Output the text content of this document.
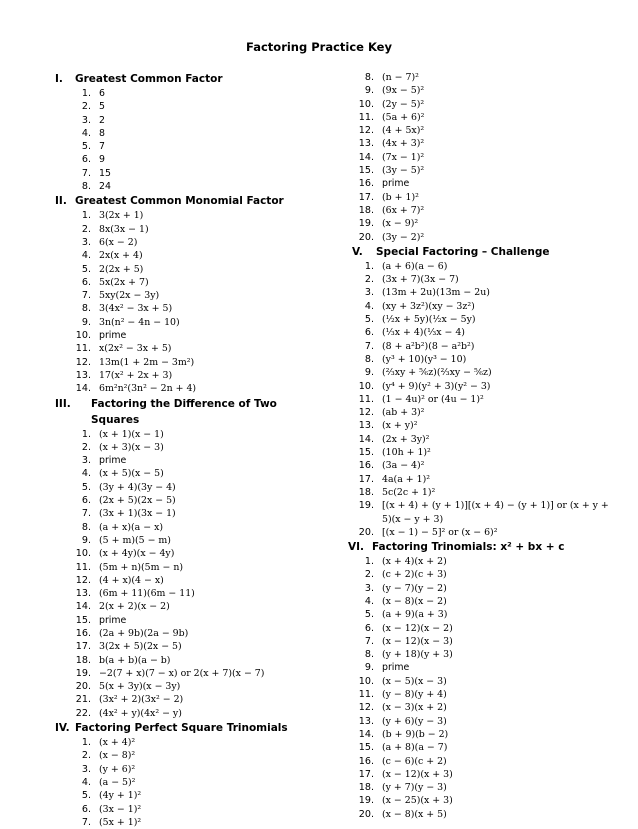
Factoring Practice Key
I.	Greatest Common Factor
1. 6
2. 5
3. 2
4. 8
5. 7
6. 9
7. 15
8. 24
II. Greatest Common Monomial Factor
1. 3(2x + 1)
2. 8x(3x − 1)
3. 6(x − 2)
4. 2x(x + 4)
5. 2(2x + 5)
6. 5x(2x + 7)
7. 5xy(2x − 3y)
8. 3(4x² − 3x + 5)
9. 3n(n² − 4n − 10)
10. prime
11. x(2x² − 3x + 5)
12. 13m(1 + 2m − 3m²)
13. 17(x² + 2x + 3)
14. 6m²n²(3n² − 2n + 4)
III.	Factoring the Difference of Two Squares
1. (x + 1)(x − 1)
2. (x + 3)(x − 3)
3. prime
4. (x + 5)(x − 5)
5. (3y + 4)(3y − 4)
6. (2x + 5)(2x − 5)
7. (3x + 1)(3x − 1)
8. (a + x)(a − x)
9. (5 + m)(5 − m)
10. (x + 4y)(x − 4y)
11. (5m + n)(5m − n)
12. (4 + x)(4 − x)
13. (6m + 11)(6m − 11)
14. 2(x + 2)(x − 2)
15. prime
16. (2a + 9b)(2a − 9b)
17. 3(2x + 5)(2x − 5)
18. b(a + b)(a − b)
19. −2(7 + x)(7 − x) or 2(x + 7)(x − 7)
20. 5(x + 3y)(x − 3y)
21. (3x² + 2)(3x² − 2)
22. (4x² + y)(4x² − y)
IV. Factoring Perfect Square Trinomials
1. (x + 4)²
2. (x − 8)²
3. (y + 6)²
4. (a − 5)²
5. (4y + 1)²
6. (3x − 1)²
7. (5x + 1)²
8. (n − 7)²
9. (9x − 5)²
10. (2y − 5)²
11. (5a + 6)²
12. (4 + 5x)²
13. (4x + 3)²
14. (7x − 1)²
15. (3y − 5)²
16. prime
17. (b + 1)²
18. (6x + 7)²
19. (x − 9)²
20. (3y − 2)²
V.	Special Factoring – Challenge
1. (a + 6)(a − 6)
2. (3x + 7)(3x − 7)
3. (13m + 2u)(13m − 2u)
4. (xy + 3z²)(xy − 3z²)
5. (½x + 5y)(½x − 5y)
6. (⅓x + 4)(⅓x − 4)
7. (8 + a²b²)(8 − a²b²)
8. (y³ + 10)(y³ − 10)
9. (⅔xy + ⅚z)(⅔xy − ⅚z)
10. (y⁴ + 9)(y² + 3)(y² − 3)
11. (1 − 4u)² or (4u − 1)²
12. (ab + 3)²
13. (x + y)²
14. (2x + 3y)²
15. (10h + 1)²
16. (3a − 4)²
17. 4a(a + 1)²
18. 5c(2c + 1)²
19. [(x + 4) + (y + 1)][(x + 4) − (y + 1)] or (x + y + 5)(x − y + 3)
20. [(x − 1) − 5]² or (x − 6)²
VI. Factoring Trinomials: x² + bx + c
1. (x + 4)(x + 2)
2. (c + 2)(c + 3)
3. (y − 7)(y − 2)
4. (x − 8)(x − 2)
5. (a + 9)(a + 3)
6. (x − 12)(x − 2)
7. (x − 12)(x − 3)
8. (y + 18)(y + 3)
9. prime
10. (x − 5)(x − 3)
11. (y − 8)(y + 4)
12. (x − 3)(x + 2)
13. (y + 6)(y − 3)
14. (b + 9)(b − 2)
15. (a + 8)(a − 7)
16. (c − 6)(c + 2)
17. (x − 12)(x + 3)
18. (y + 7)(y − 3)
19. (x − 25)(x + 3)
20. (x − 8)(x + 5)
